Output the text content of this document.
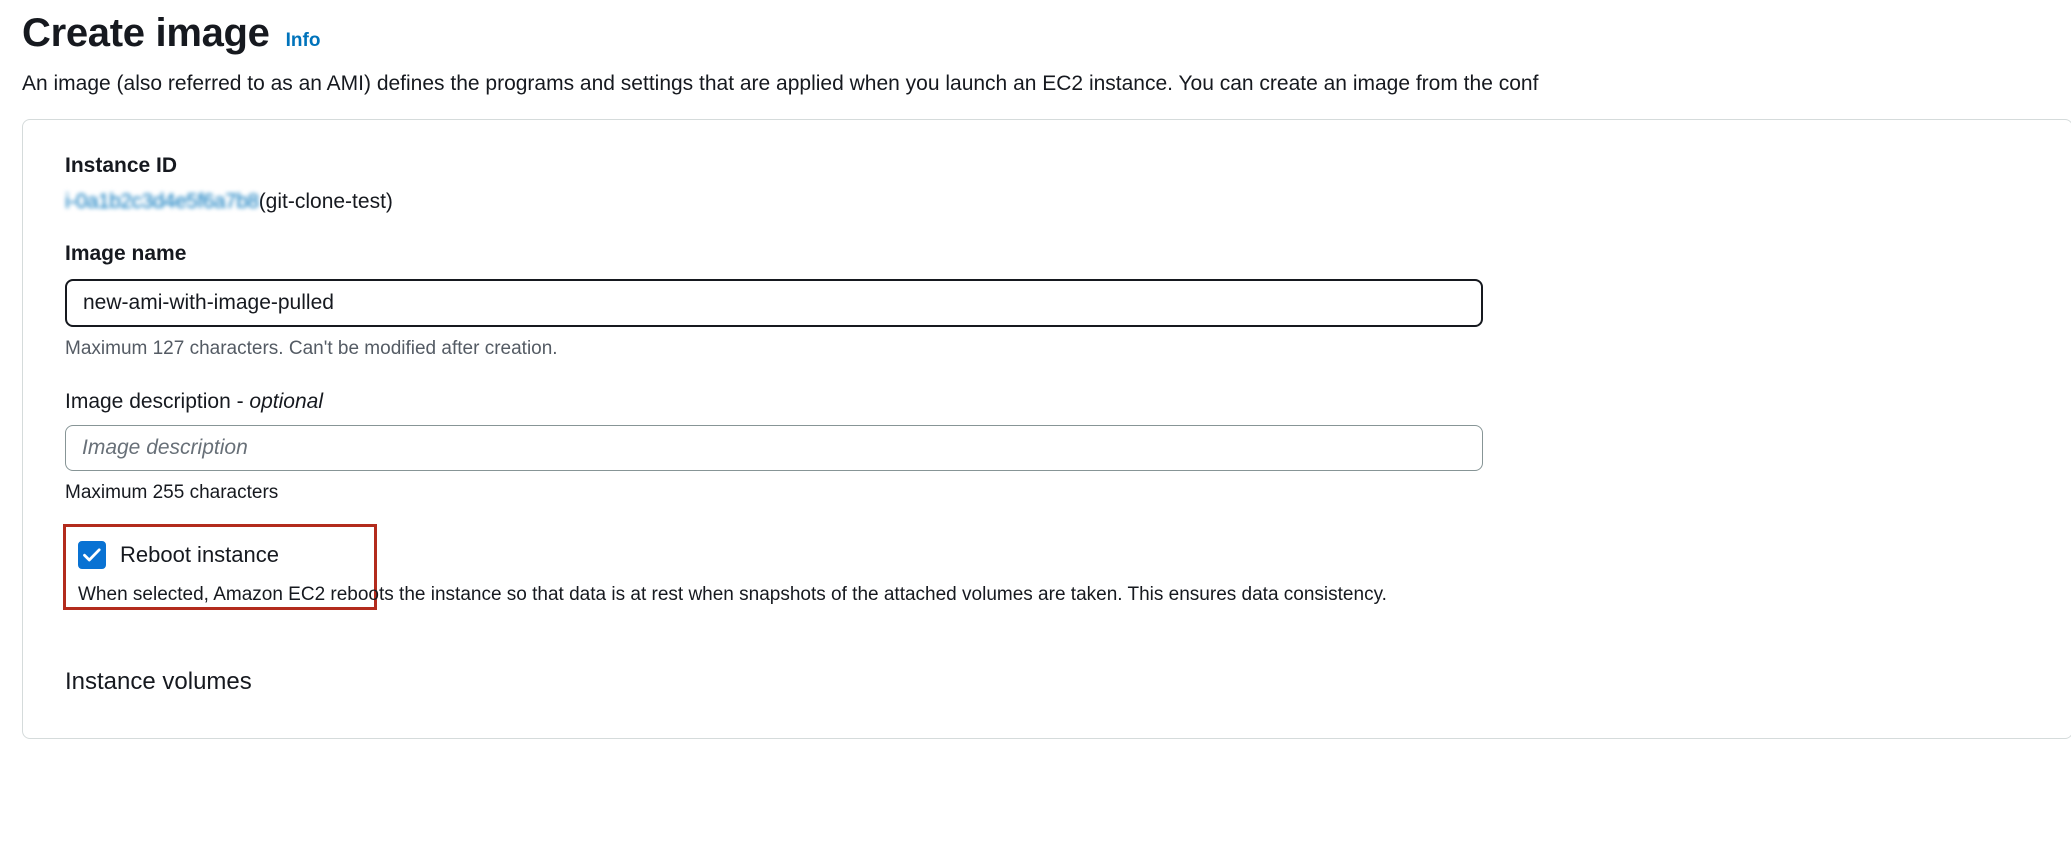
Create image Info
An image (also referred to as an AMI) defines the programs and settings that are applied when you launch an EC2 instance. You can create an image from the conf
Instance ID
i-0a1b2c3d4e5f6a7b8 (git-clone-test)
Image name
new-ami-with-image-pulled
Maximum 127 characters. Can't be modified after creation.
Image description - optional
Image description
Maximum 255 characters
Reboot instance
When selected, Amazon EC2 reboots the instance so that data is at rest when snapshots of the attached volumes are taken. This ensures data consistency.
Instance volumes
